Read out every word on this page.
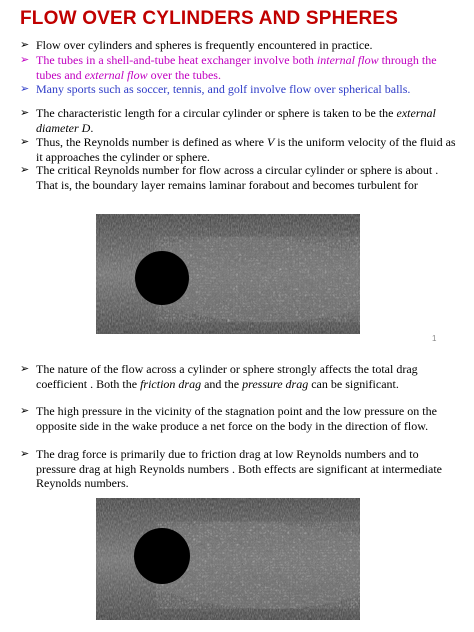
FLOW OVER CYLINDERS AND SPHERES
➢ Flow over cylinders and spheres is frequently encountered in practice.
➢ The tubes in a shell-and-tube heat exchanger involve both internal flow through the tubes and external flow over the tubes.
➢ Many sports such as soccer, tennis, and golf involve flow over spherical balls.
➢ The characteristic length for a circular cylinder or sphere is taken to be the external diameter D.
➢ Thus, the Reynolds number is defined as where V is the uniform velocity of the fluid as it approaches the cylinder or sphere.
➢ The critical Reynolds number for flow across a circular cylinder or sphere is about . That is, the boundary layer remains laminar forabout and becomes turbulent for
1
➢ The nature of the flow across a cylinder or sphere strongly affects the total drag coefficient . Both the friction drag and the pressure drag can be significant.
➢ The high pressure in the vicinity of the stagnation point and the low pressure on the opposite side in the wake produce a net force on the body in the direction of flow.
➢ The drag force is primarily due to friction drag at low Reynolds numbers and to pressure drag at high Reynolds numbers . Both effects are significant at intermediate Reynolds numbers.
